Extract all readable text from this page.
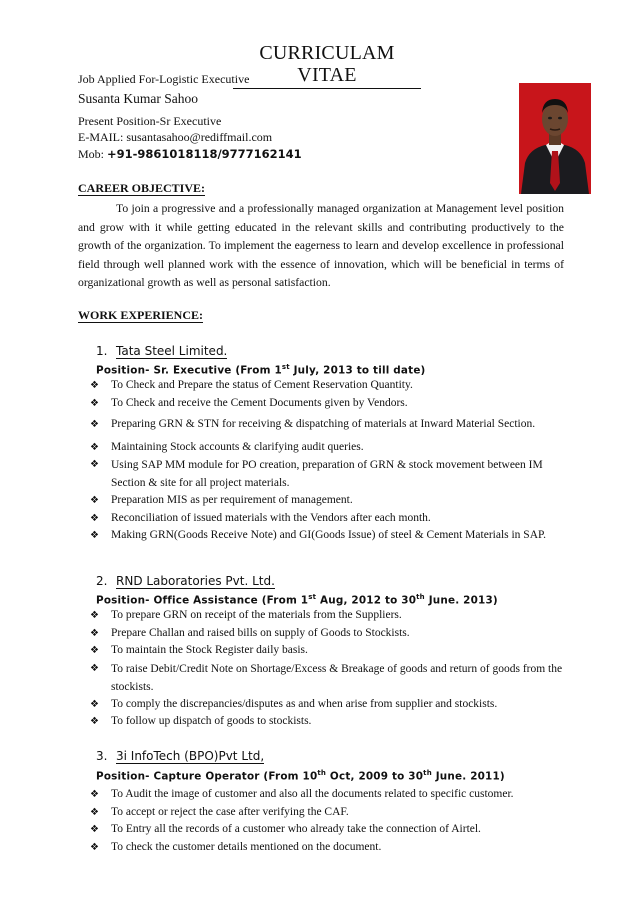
CURRICULAM VITAE
Job Applied For-Logistic Executive
Susanta Kumar Sahoo
Present Position-Sr Executive
E-MAIL: susantasahoo@rediffmail.com
Mob: +91-9861018118/9777162141
CAREER OBJECTIVE:
To join a progressive and a professionally managed organization at Management level position and grow with it while getting educated in the relevant skills and contributing productively to the growth of the organization. To implement the eagerness to learn and develop excellence in professional field through well planned work with the essence of innovation, which will be beneficial in terms of organizational growth as well as personal satisfaction.
WORK EXPERIENCE:
1. Tata Steel Limited.
Position- Sr. Executive (From 1st July, 2013 to till date)
❖ To Check and Prepare the status of Cement Reservation Quantity.
❖ To Check and receive the Cement Documents given by Vendors.
❖ Preparing GRN & STN for receiving & dispatching of materials at Inward Material Section.
❖ Maintaining Stock accounts & clarifying audit queries.
❖ Using SAP MM module for PO creation, preparation of GRN & stock movement between IM Section & site for all project materials.
❖ Preparation MIS as per requirement of management.
❖ Reconciliation of issued materials with the Vendors after each month.
❖ Making GRN(Goods Receive Note) and GI(Goods Issue) of steel & Cement Materials in SAP.
2. RND Laboratories Pvt. Ltd.
Position- Office Assistance (From 1st Aug, 2012 to 30th June. 2013)
❖ To prepare GRN on receipt of the materials from the Suppliers.
❖ Prepare Challan and raised bills on supply of Goods to Stockists.
❖ To maintain the Stock Register daily basis.
❖ To raise Debit/Credit Note on Shortage/Excess & Breakage of goods and return of goods from the stockists.
❖ To comply the discrepancies/disputes as and when arise from supplier and stockists.
❖ To follow up dispatch of goods to stockists.
3. 3i InfoTech (BPO)Pvt Ltd,
Position- Capture Operator (From 10th Oct, 2009 to 30th June. 2011)
❖ To Audit the image of customer and also all the documents related to specific customer.
❖ To accept or reject the case after verifying the CAF.
❖ To Entry all the records of a customer who already take the connection of Airtel.
❖ To check the customer details mentioned on the document.
